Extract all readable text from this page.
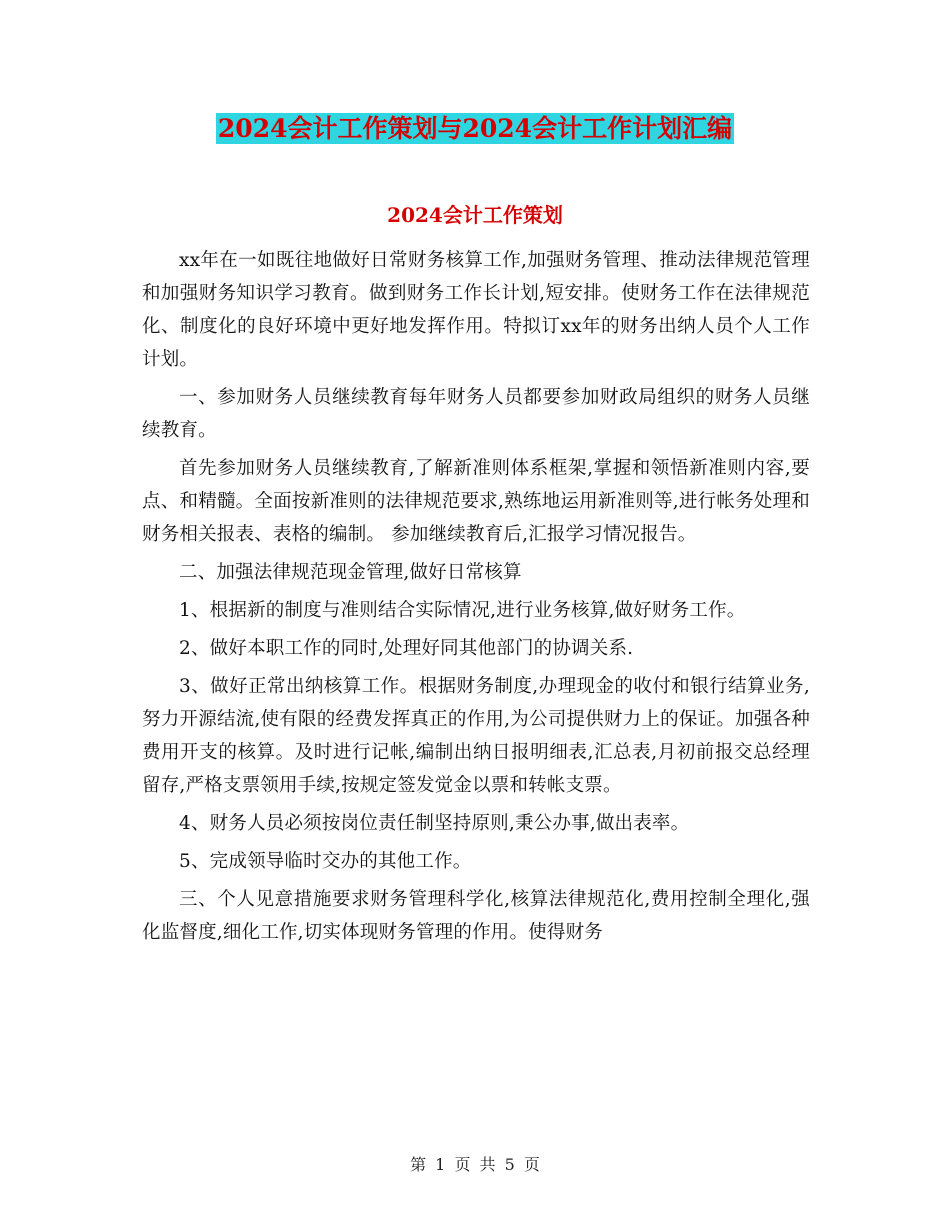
2024会计工作策划与2024会计工作计划汇编
2024会计工作策划

xx年在一如既往地做好日常财务核算工作,加强财务管理、推动法律规范管理和加强财务知识学习教育。做到财务工作长计划,短安排。使财务工作在法律规范化、制度化的良好环境中更好地发挥作用。特拟订xx年的财务出纳人员个人工作计划。

一、参加财务人员继续教育每年财务人员都要参加财政局组织的财务人员继续教育。

首先参加财务人员继续教育,了解新准则体系框架,掌握和领悟新准则内容,要点、和精髓。全面按新准则的法律规范要求,熟练地运用新准则等,进行帐务处理和财务相关报表、表格的编制。 参加继续教育后,汇报学习情况报告。

二、加强法律规范现金管理,做好日常核算

1、根据新的制度与准则结合实际情况,进行业务核算,做好财务工作。

2、做好本职工作的同时,处理好同其他部门的协调关系.

3、做好正常出纳核算工作。根据财务制度,办理现金的收付和银行结算业务,努力开源结流,使有限的经费发挥真正的作用,为公司提供财力上的保证。加强各种费用开支的核算。及时进行记帐,编制出纳日报明细表,汇总表,月初前报交总经理留存,严格支票领用手续,按规定签发觉金以票和转帐支票。

4、财务人员必须按岗位责任制坚持原则,秉公办事,做出表率。

5、完成领导临时交办的其他工作。

三、个人见意措施要求财务管理科学化,核算法律规范化,费用控制全理化,强化监督度,细化工作,切实体现财务管理的作用。使得财务

第 1 页 共 5 页
